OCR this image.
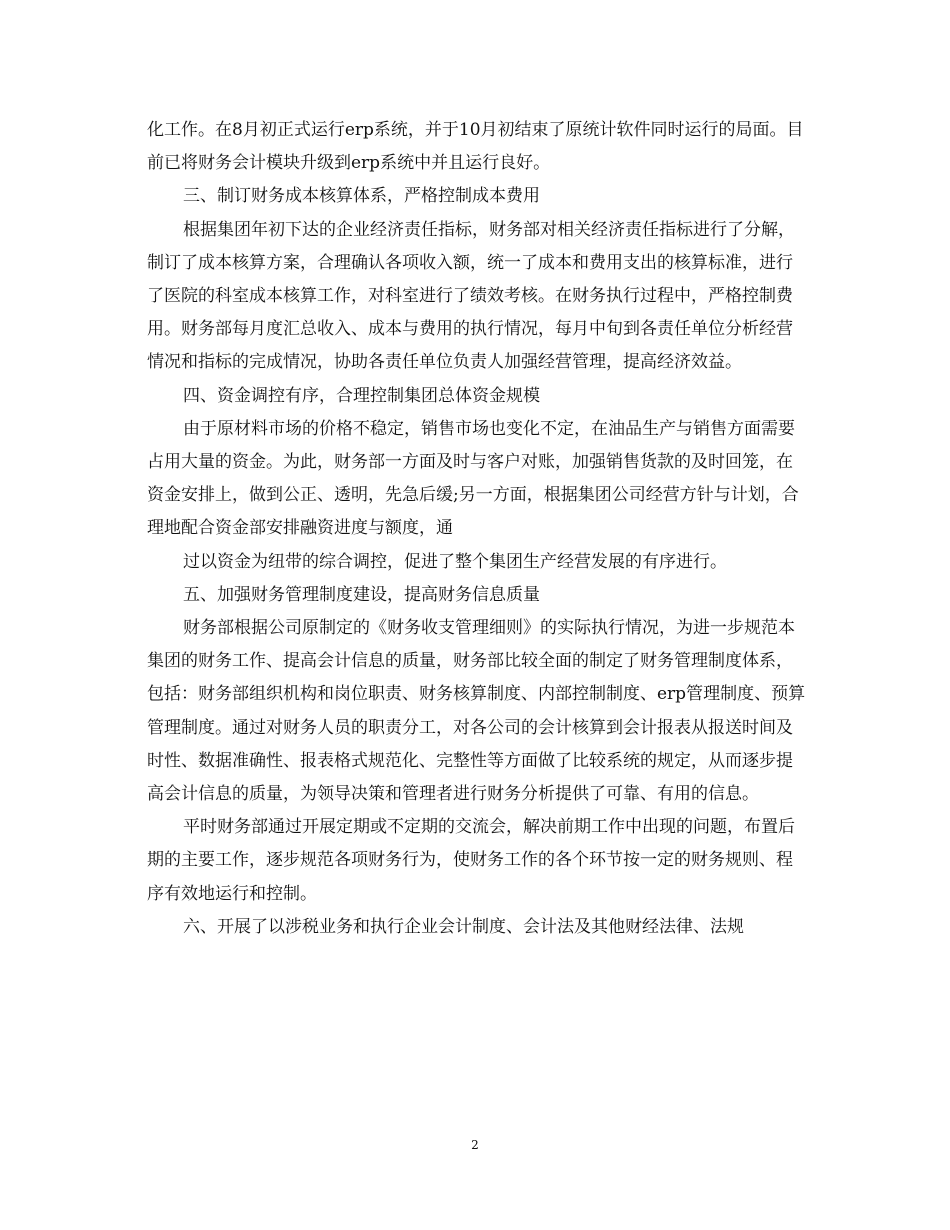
化工作。在8月初正式运行erp系统，并于10月初结束了原统计软件同时运行的局面。目前已将财务会计模块升级到erp系统中并且运行良好。

三、制订财务成本核算体系，严格控制成本费用

根据集团年初下达的企业经济责任指标，财务部对相关经济责任指标进行了分解，制订了成本核算方案，合理确认各项收入额，统一了成本和费用支出的核算标准，进行了医院的科室成本核算工作，对科室进行了绩效考核。在财务执行过程中，严格控制费用。财务部每月度汇总收入、成本与费用的执行情况，每月中旬到各责任单位分析经营情况和指标的完成情况，协助各责任单位负责人加强经营管理，提高经济效益。

四、资金调控有序，合理控制集团总体资金规模

由于原材料市场的价格不稳定，销售市场也变化不定，在油品生产与销售方面需要占用大量的资金。为此，财务部一方面及时与客户对账，加强销售货款的及时回笼，在资金安排上，做到公正、透明，先急后缓;另一方面，根据集团公司经营方针与计划，合理地配合资金部安排融资进度与额度，通

过以资金为纽带的综合调控，促进了整个集团生产经营发展的有序进行。

五、加强财务管理制度建设，提高财务信息质量

财务部根据公司原制定的《财务收支管理细则》的实际执行情况，为进一步规范本集团的财务工作、提高会计信息的质量，财务部比较全面的制定了财务管理制度体系，包括：财务部组织机构和岗位职责、财务核算制度、内部控制制度、erp管理制度、预算管理制度。通过对财务人员的职责分工，对各公司的会计核算到会计报表从报送时间及时性、数据准确性、报表格式规范化、完整性等方面做了比较系统的规定，从而逐步提高会计信息的质量，为领导决策和管理者进行财务分析提供了可靠、有用的信息。

平时财务部通过开展定期或不定期的交流会，解决前期工作中出现的问题，布置后期的主要工作，逐步规范各项财务行为，使财务工作的各个环节按一定的财务规则、程序有效地运行和控制。

六、开展了以涉税业务和执行企业会计制度、会计法及其他财经法律、法规

2
